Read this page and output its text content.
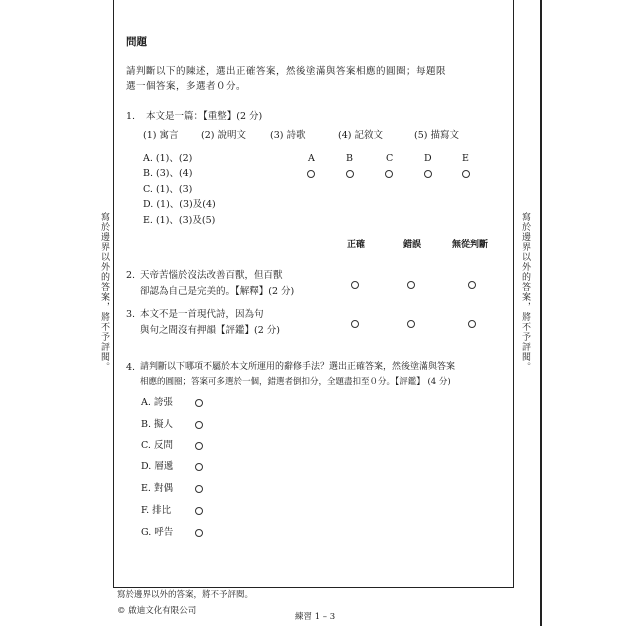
寫於邊界以外的答案，將不予評閱。	寫於邊界以外的答案，將不予評閱。
問題
請判斷以下的陳述，選出正確答案，然後塗滿與答案相應的圓圈；每題限
選一個答案，多選者０分。
1. 本文是一篇：【重整】(2 分)
(1) 寓言 (2) 說明文	(3) 詩歌	(4) 記敘文	(5) 描寫文
A. (1)、(2)
B. (3)、(4)
C. (1)、(3)
D. (1)、(3)及(4)
E. (1)、(3)及(5)
A	B	C	D	E
正確	錯誤	無從判斷
2. 天帝苦惱於沒法改善百獸，但百獸
卻認為自己是完美的。【解釋】(2 分)
3. 本文不是一首現代詩，因為句
與句之間沒有押韻【評鑑】(2 分)
4. 請判斷以下哪項不屬於本文所運用的辭修手法？選出正確答案，然後塗滿與答案
相應的圓圈；答案可多選於一個，錯選者倒扣分，全題盡扣至０分。【評鑑】 (4 分)
A. 誇張
B. 擬人
C. 反問
D. 層遞
E. 對偶
F. 排比
G. 呼告
寫於邊界以外的答案，將不予評閱。
© 啟迪文化有限公司
練習 1 – 3
